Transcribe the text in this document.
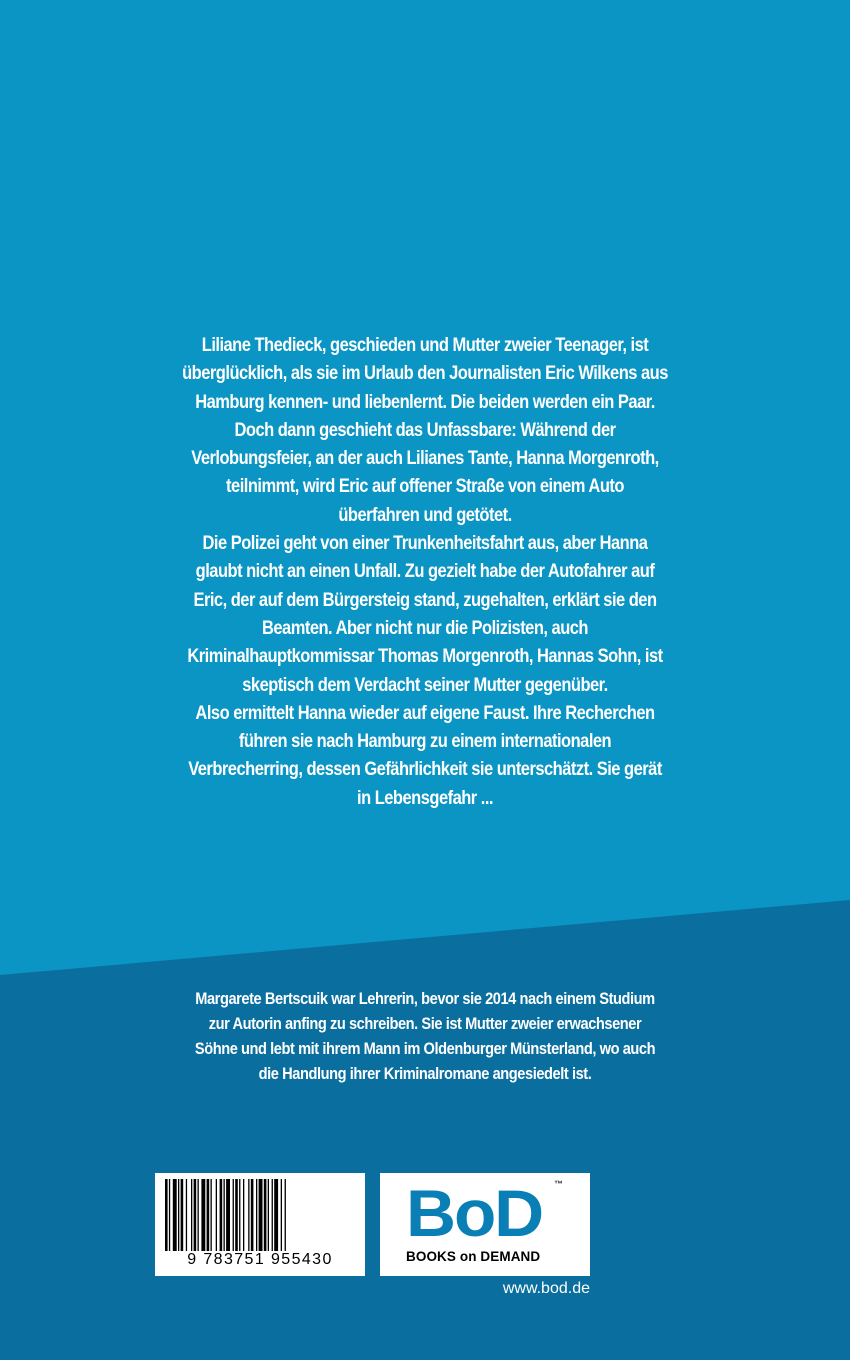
Liliane Thedieck, geschieden und Mutter zweier Teenager, ist
überglücklich, als sie im Urlaub den Journalisten Eric Wilkens aus
Hamburg kennen- und liebenlernt. Die beiden werden ein Paar.
Doch dann geschieht das Unfassbare: Während der
Verlobungsfeier, an der auch Lilianes Tante, Hanna Morgenroth,
teilnimmt, wird Eric auf offener Straße von einem Auto
überfahren und getötet.
Die Polizei geht von einer Trunkenheitsfahrt aus, aber Hanna
glaubt nicht an einen Unfall. Zu gezielt habe der Autofahrer auf
Eric, der auf dem Bürgersteig stand, zugehalten, erklärt sie den
Beamten. Aber nicht nur die Polizisten, auch
Kriminalhauptkommissar Thomas Morgenroth, Hannas Sohn, ist
skeptisch dem Verdacht seiner Mutter gegenüber.
Also ermittelt Hanna wieder auf eigene Faust. Ihre Recherchen
führen sie nach Hamburg zu einem internationalen
Verbrecherring, dessen Gefährlichkeit sie unterschätzt. Sie gerät
in Lebensgefahr ...
Margarete Bertscuik war Lehrerin, bevor sie 2014 nach einem Studium
zur Autorin anfing zu schreiben. Sie ist Mutter zweier erwachsener
Söhne und lebt mit ihrem Mann im Oldenburger Münsterland, wo auch
die Handlung ihrer Kriminalromane angesiedelt ist.
9 783751 955430
BoD ™
BOOKS on DEMAND
www.bod.de
